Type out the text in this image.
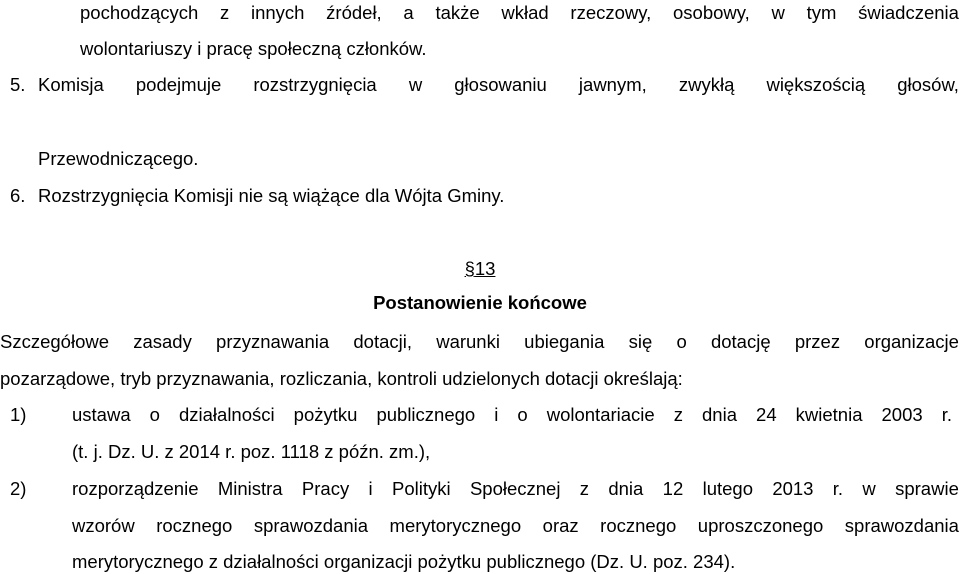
pochodzących z innych źródeł, a także wkład rzeczowy, osobowy, w tym świadczenia
wolontariuszy i pracę społeczną członków.
5. Komisja podejmuje rozstrzygnięcia w głosowaniu jawnym, zwykłą większością głosów,
Przewodniczącego.
6. Rozstrzygnięcia Komisji nie są wiążące dla Wójta Gminy.
§13
Postanowienie końcowe
Szczegółowe zasady przyznawania dotacji, warunki ubiegania się o dotację przez organizacje
pozarządowe, tryb przyznawania, rozliczania, kontroli udzielonych dotacji określają:
1) ustawa o działalności pożytku publicznego i o wolontariacie z dnia 24 kwietnia 2003 r.
(t. j. Dz. U. z 2014 r. poz. 1118 z późn. zm.),
2) rozporządzenie Ministra Pracy i Polityki Społecznej z dnia 12 lutego 2013 r. w sprawie
wzorów rocznego sprawozdania merytorycznego oraz rocznego uproszczonego sprawozdania
merytorycznego z działalności organizacji pożytku publicznego (Dz. U. poz. 234).
